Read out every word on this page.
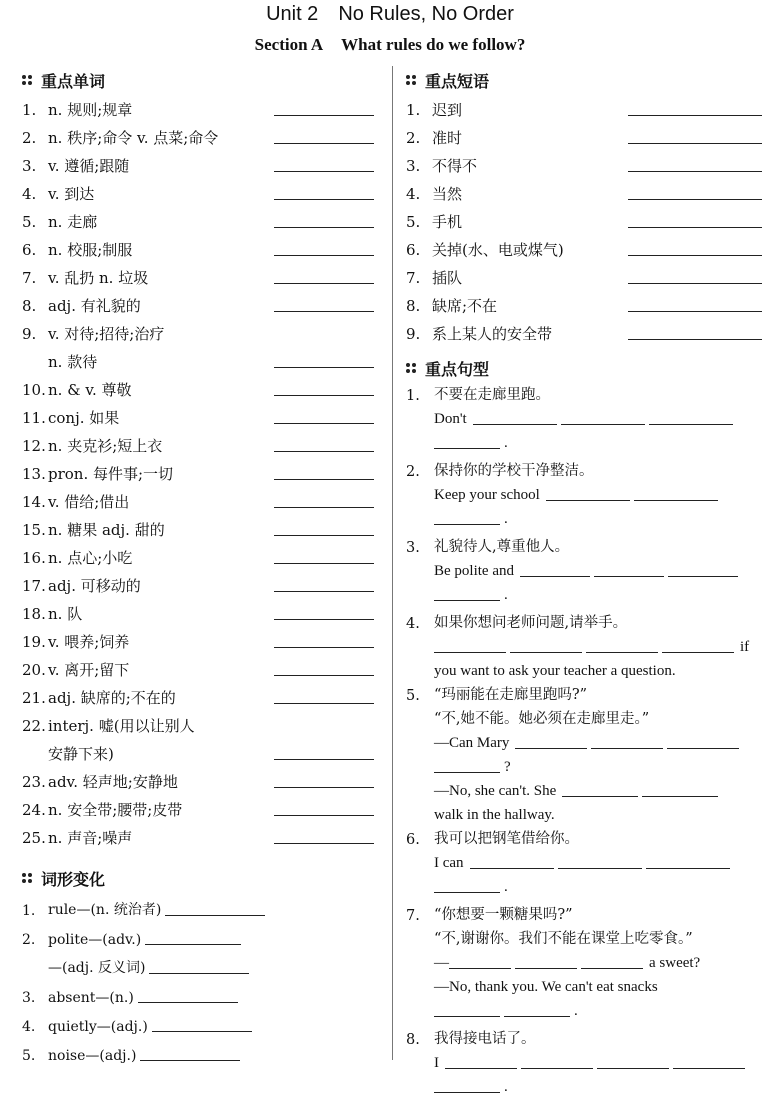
Unit 2 No Rules, No Order
Section A What rules do we follow?
重点单词
1. n. 规则;规章
2. n. 秩序;命令 v. 点菜;命令
3. v. 遵循;跟随
4. v. 到达
5. n. 走廊
6. n. 校服;制服
7. v. 乱扔 n. 垃圾
8. adj. 有礼貌的
9. v. 对待;招待;治疗
n. 款待
10. n. & v. 尊敬
11. conj. 如果
12. n. 夹克衫;短上衣
13. pron. 每件事;一切
14. v. 借给;借出
15. n. 糖果 adj. 甜的
16. n. 点心;小吃
17. adj. 可移动的
18. n. 队
19. v. 喂养;饲养
20. v. 离开;留下
21. adj. 缺席的;不在的
22. interj. 嘘(用以让别人
安静下来)
23. adv. 轻声地;安静地
24. n. 安全带;腰带;皮带
25. n. 声音;噪声
词形变化
1. rule—(n. 统治者)
2. polite—(adv.)
—(adj. 反义词)
3. absent—(n.)
4. quietly—(adj.)
5. noise—(adj.)
重点短语
1. 迟到
2. 准时
3. 不得不
4. 当然
5. 手机
6. 关掉(水、电或煤气)
7. 插队
8. 缺席;不在
9. 系上某人的安全带
重点句型
1. 不要在走廊里跑。
Don't
.
2. 保持你的学校干净整洁。
Keep your school
.
3. 礼貌待人,尊重他人。
Be polite and
.
4. 如果你想问老师问题,请举手。
if
you want to ask your teacher a question.
5. “玛丽能在走廊里跑吗?”
“不,她不能。她必须在走廊里走。”
—Can Mary
?
—No, she can't. She
walk in the hallway.
6. 我可以把钢笔借给你。
I can
.
7. “你想要一颗糖果吗?”
“不,谢谢你。我们不能在课堂上吃零食。”
—	a sweet?
—No, thank you. We can't eat snacks
.
8. 我得接电话了。
I
.
